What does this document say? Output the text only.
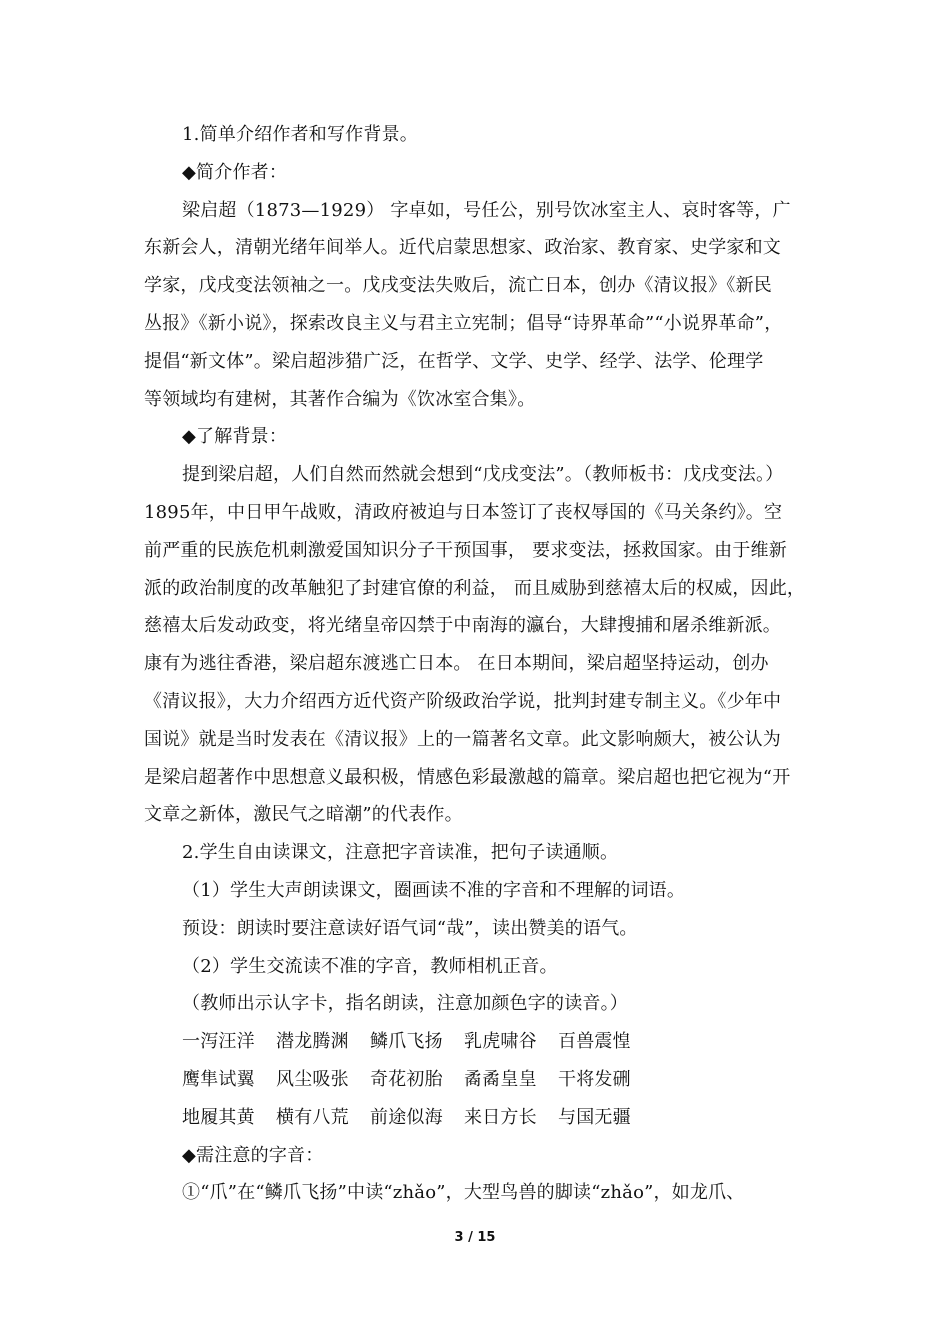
1.简单介绍作者和写作背景。
◆简介作者：
梁启超（1873—1929） 字卓如，号任公，别号饮冰室主人、哀时客等，广
东新会人，清朝光绪年间举人。近代启蒙思想家、政治家、教育家、史学家和文
学家，戊戌变法领袖之一。戊戌变法失败后，流亡日本，创办《清议报》《新民
丛报》《新小说》，探索改良主义与君主立宪制；倡导“诗界革命”“小说界革命”，
提倡“新文体”。梁启超涉猎广泛，在哲学、文学、史学、经学、法学、伦理学
等领域均有建树，其著作合编为《饮冰室合集》。
◆了解背景：
提到梁启超，人们自然而然就会想到“戊戌变法”。（教师板书：戊戌变法。）
1895年，中日甲午战败，清政府被迫与日本签订了丧权辱国的《马关条约》。空
前严重的民族危机刺激爱国知识分子干预国事， 要求变法，拯救国家。由于维新
派的政治制度的改革触犯了封建官僚的利益， 而且威胁到慈禧太后的权威，因此，
慈禧太后发动政变，将光绪皇帝囚禁于中南海的瀛台，大肆搜捕和屠杀维新派。
康有为逃往香港，梁启超东渡逃亡日本。 在日本期间，梁启超坚持运动，创办
《清议报》，大力介绍西方近代资产阶级政治学说，批判封建专制主义。《少年中
国说》就是当时发表在《清议报》上的一篇著名文章。此文影响颇大，被公认为
是梁启超著作中思想意义最积极，情感色彩最激越的篇章。梁启超也把它视为“开
文章之新体，激民气之暗潮”的代表作。
2.学生自由读课文，注意把字音读准，把句子读通顺。
（1）学生大声朗读课文，圈画读不准的字音和不理解的词语。
预设：朗读时要注意读好语气词“哉”，读出赞美的语气。
（2）学生交流读不准的字音，教师相机正音。
（教师出示认字卡，指名朗读，注意加颜色字的读音。）
一泻汪洋	潜龙腾渊	鳞爪飞扬	乳虎啸谷	百兽震惶
鹰隼试翼	风尘吸张	奇花初胎	矞矞皇皇	干将发硎
地履其黄	横有八荒	前途似海	来日方长	与国无疆
◆需注意的字音：
①“爪”在“鳞爪飞扬”中读“zhǎo”，大型鸟兽的脚读“zhǎo”，如龙爪、
3 / 15
